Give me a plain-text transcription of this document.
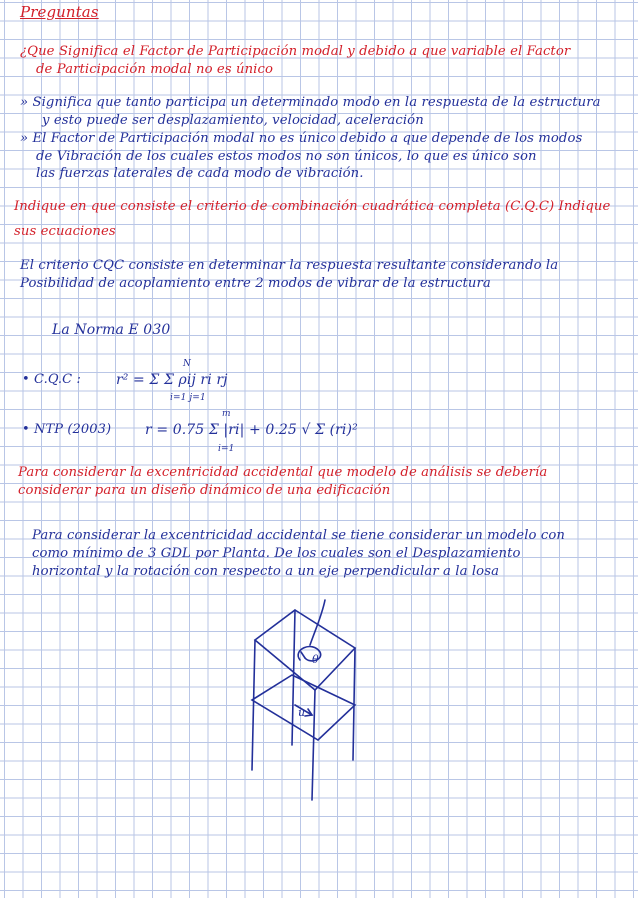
Preguntas
¿Que Significa el Factor de Participación modal y debido a que variable el Factor
de Participación modal no es único
» Significa que tanto participa un determinado modo en la respuesta de la estructura
y esto puede ser desplazamiento, velocidad, aceleración
» El Factor de Participación modal no es único debido a que depende de los modos
de Vibración de los cuales estos modos no son únicos, lo que es único son
las fuerzas laterales de cada modo de vibración.
Indique en que consiste el criterio de combinación cuadrática completa (C.Q.C) Indique
sus ecuaciones
El criterio CQC consiste en determinar la respuesta resultante considerando la
Posibilidad de acoplamiento entre 2 modos de vibrar de la estructura
La Norma E 030
• C.Q.C :	r² = Σ Σ ρij ri rj
N
i=1 j=1
• NTP (2003) r = 0.75 Σ |ri| + 0.25 √ Σ (ri)²
m
i=1
Para considerar la excentricidad accidental que modelo de análisis se debería
considerar para un diseño dinámico de una edificación
Para considerar la excentricidad accidental se tiene considerar un modelo con
como mínimo de 3 GDL por Planta. De los cuales son el Desplazamiento
horizontal y la rotación con respecto a un eje perpendicular a la losa
θ
u
